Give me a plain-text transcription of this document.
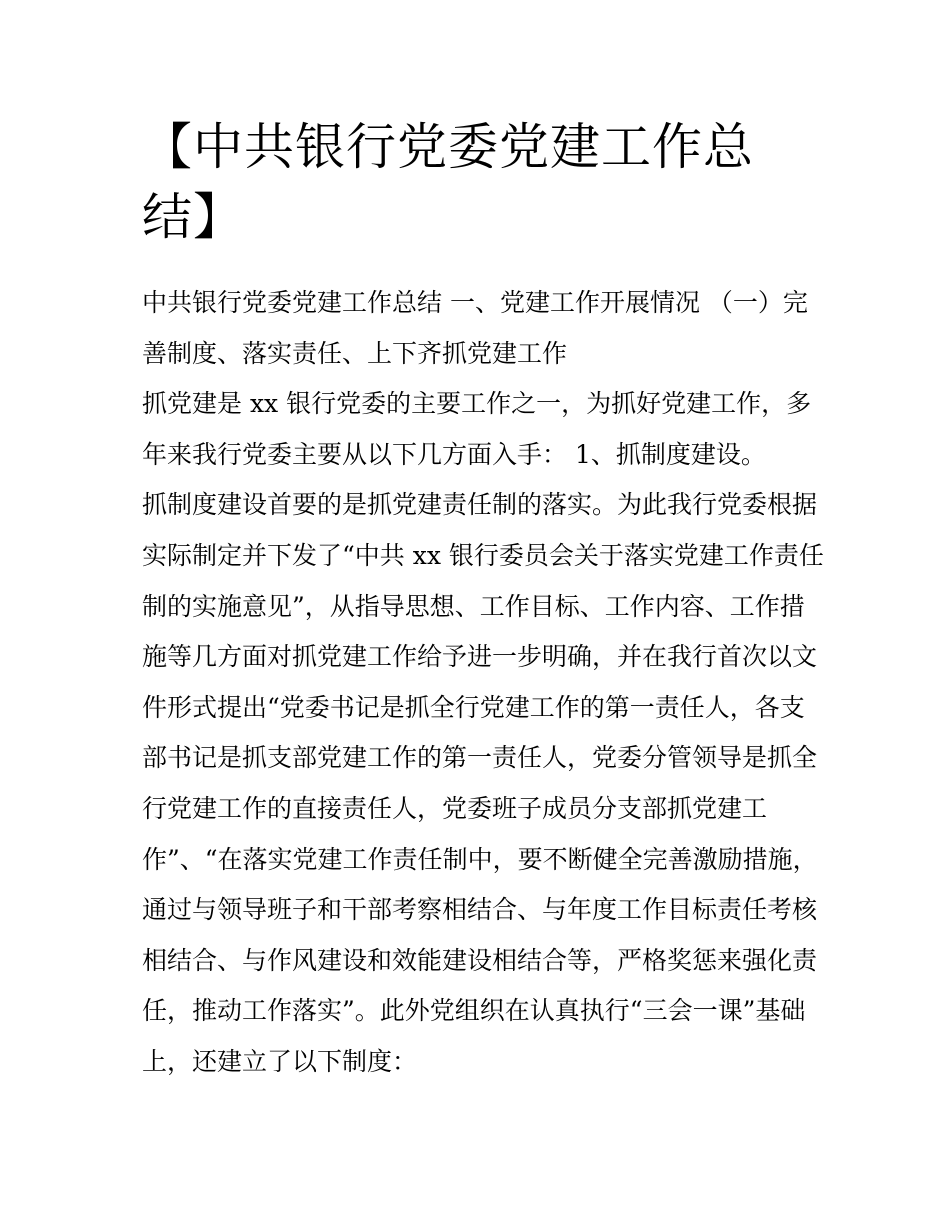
【中共银行党委党建工作总
结】

中共银行党委党建工作总结 一、党建工作开展情况 （一）完

善制度、落实责任、上下齐抓党建工作

抓党建是 xx 银行党委的主要工作之一，为抓好党建工作，多

年来我行党委主要从以下几方面入手： 1、抓制度建设。

抓制度建设首要的是抓党建责任制的落实。为此我行党委根据

实际制定并下发了“中共 xx 银行委员会关于落实党建工作责任

制的实施意见”，从指导思想、工作目标、工作内容、工作措

施等几方面对抓党建工作给予进一步明确，并在我行首次以文

件形式提出“党委书记是抓全行党建工作的第一责任人，各支

部书记是抓支部党建工作的第一责任人，党委分管领导是抓全

行党建工作的直接责任人，党委班子成员分支部抓党建工

作”、“在落实党建工作责任制中，要不断健全完善激励措施，

通过与领导班子和干部考察相结合、与年度工作目标责任考核

相结合、与作风建设和效能建设相结合等，严格奖惩来强化责

任，推动工作落实”。此外党组织在认真执行“三会一课”基础

上，还建立了以下制度：
